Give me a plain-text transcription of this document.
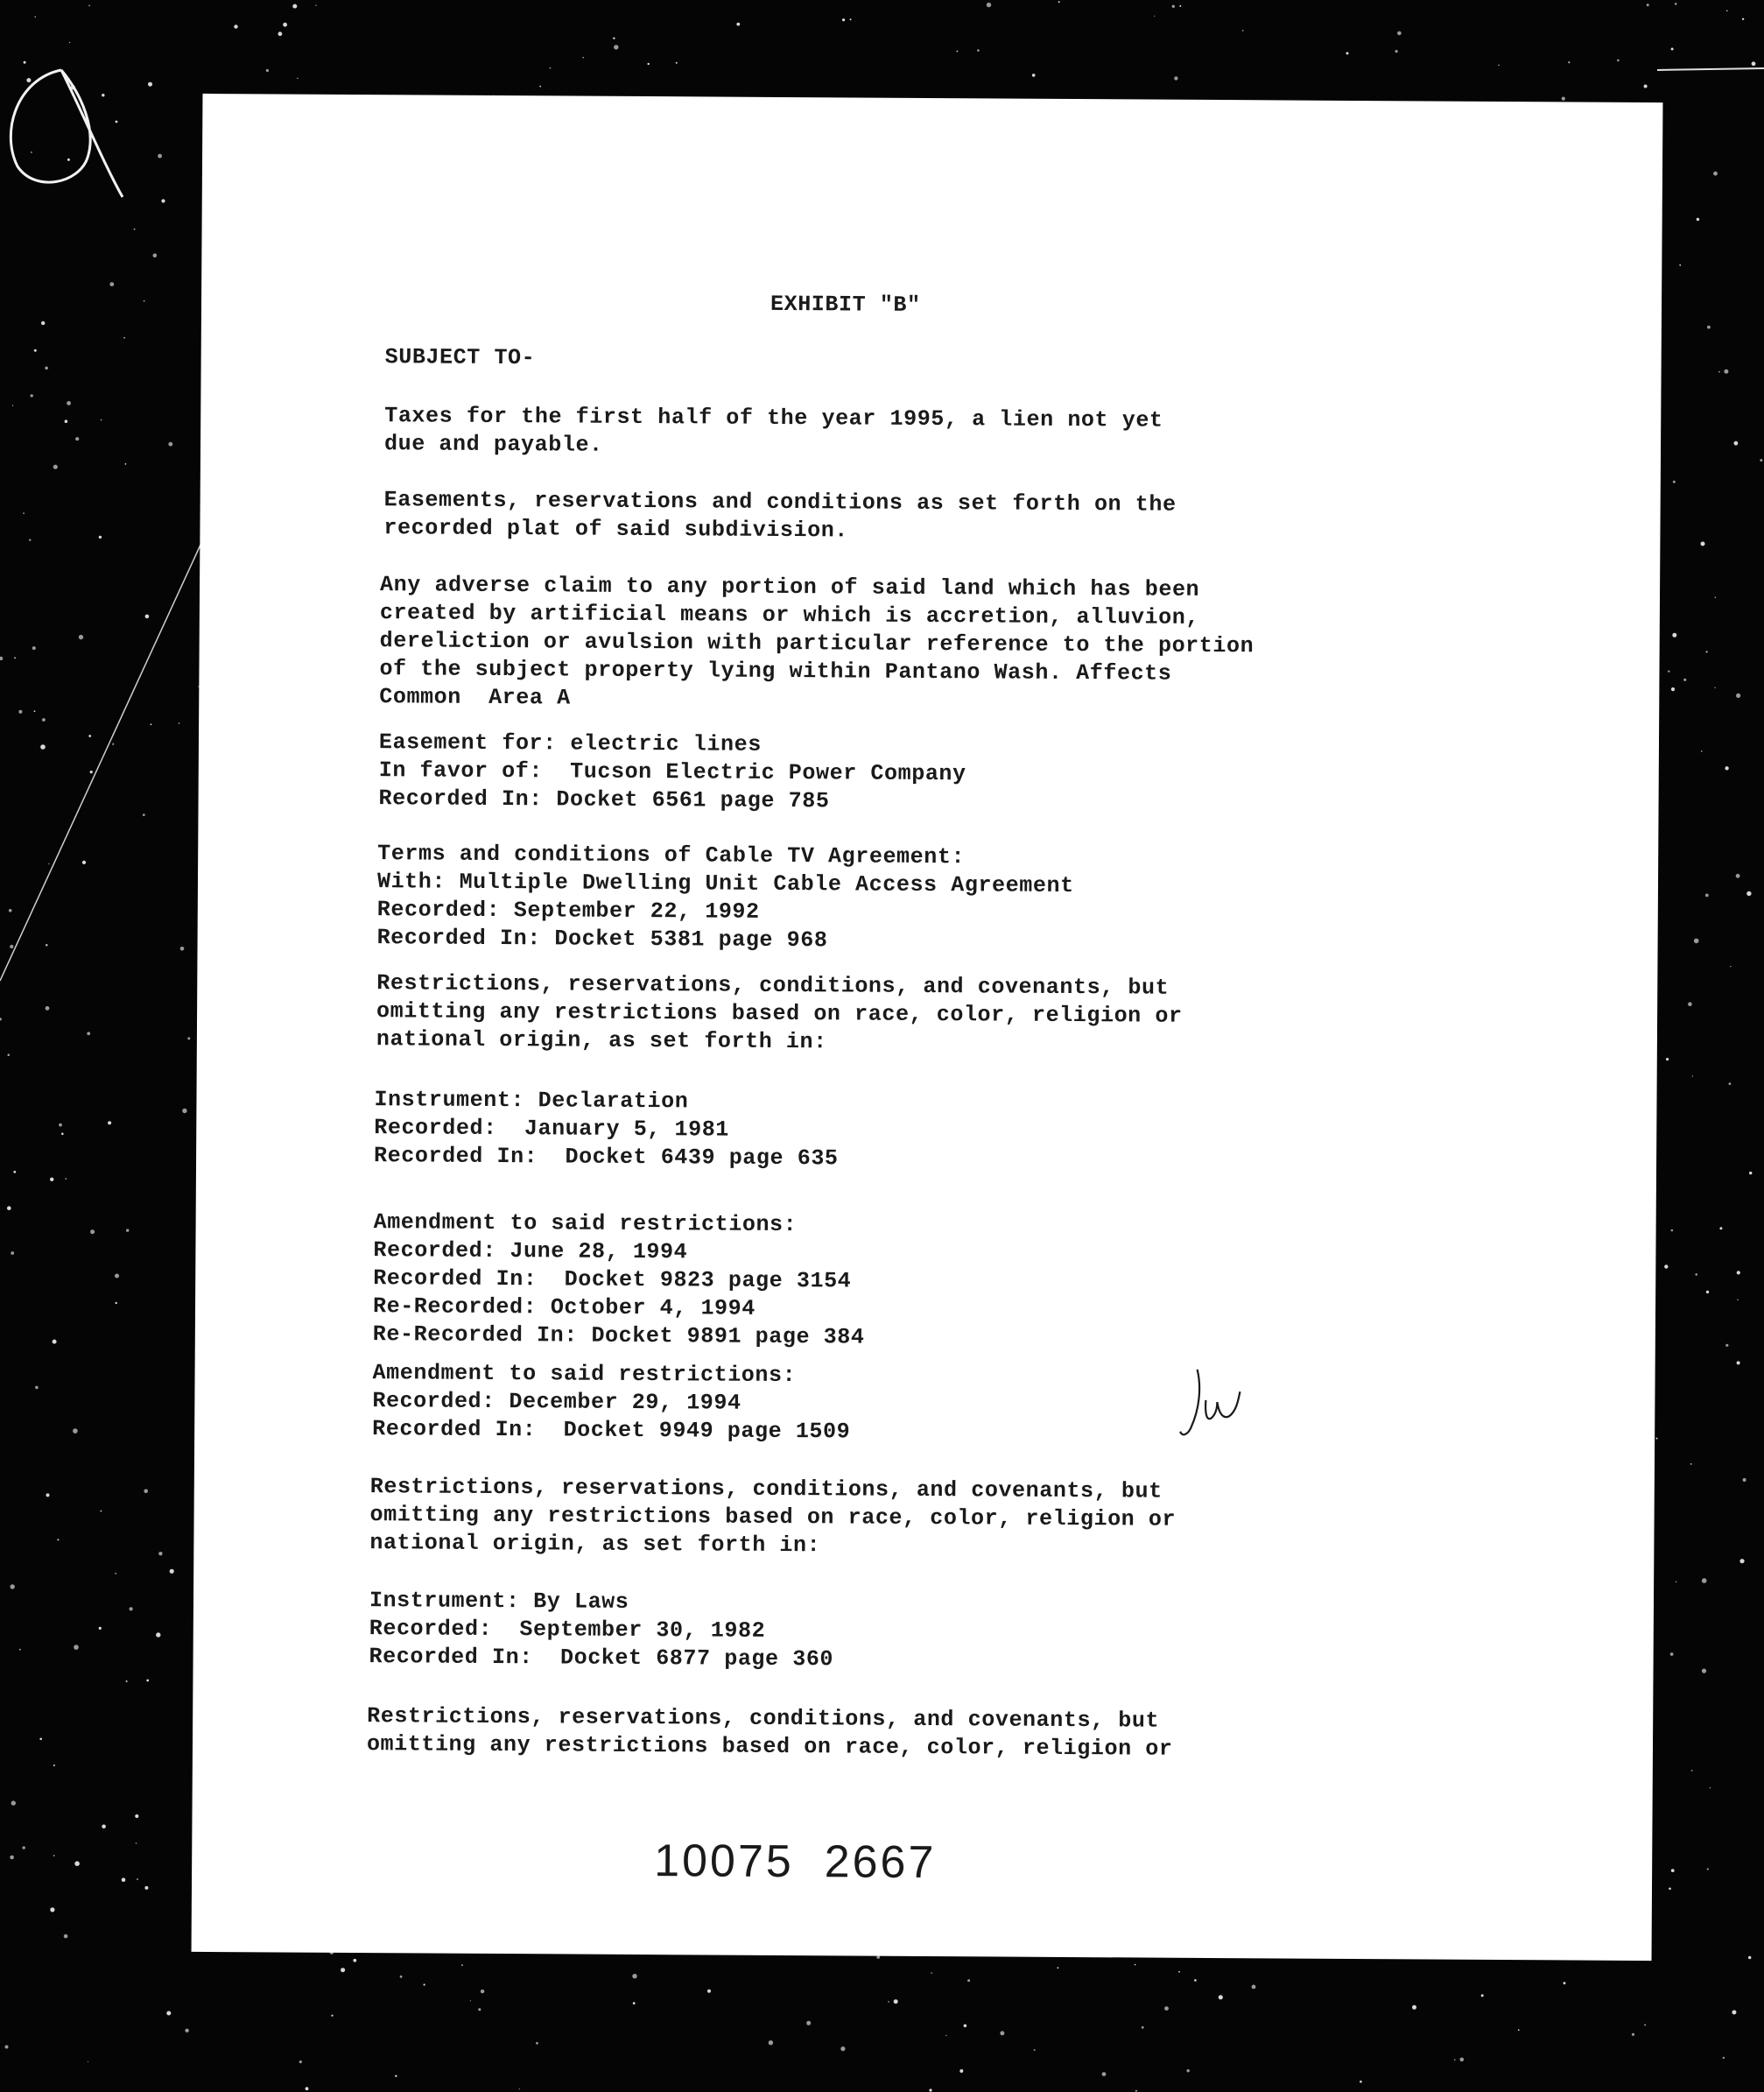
EXHIBIT "B"
SUBJECT TO-
Taxes for the first half of the year 1995, a lien not yet
due and payable.
Easements, reservations and conditions as set forth on the
recorded plat of said subdivision.
Any adverse claim to any portion of said land which has been
created by artificial means or which is accretion, alluvion,
dereliction or avulsion with particular reference to the portion
of the subject property lying within Pantano Wash. Affects
Common  Area A
Easement for: electric lines
In favor of:  Tucson Electric Power Company
Recorded In: Docket 6561 page 785
Terms and conditions of Cable TV Agreement:
With: Multiple Dwelling Unit Cable Access Agreement
Recorded: September 22, 1992
Recorded In: Docket 5381 page 968
Restrictions, reservations, conditions, and covenants, but
omitting any restrictions based on race, color, religion or
national origin, as set forth in:
Instrument: Declaration
Recorded:  January 5, 1981
Recorded In:  Docket 6439 page 635
Amendment to said restrictions:
Recorded: June 28, 1994
Recorded In:  Docket 9823 page 3154
Re-Recorded: October 4, 1994
Re-Recorded In: Docket 9891 page 384
Amendment to said restrictions:
Recorded: December 29, 1994
Recorded In:  Docket 9949 page 1509
Restrictions, reservations, conditions, and covenants, but
omitting any restrictions based on race, color, religion or
national origin, as set forth in:
Instrument: By Laws
Recorded:  September 30, 1982
Recorded In:  Docket 6877 page 360
Restrictions, reservations, conditions, and covenants, but
omitting any restrictions based on race, color, religion or
10075  2667
